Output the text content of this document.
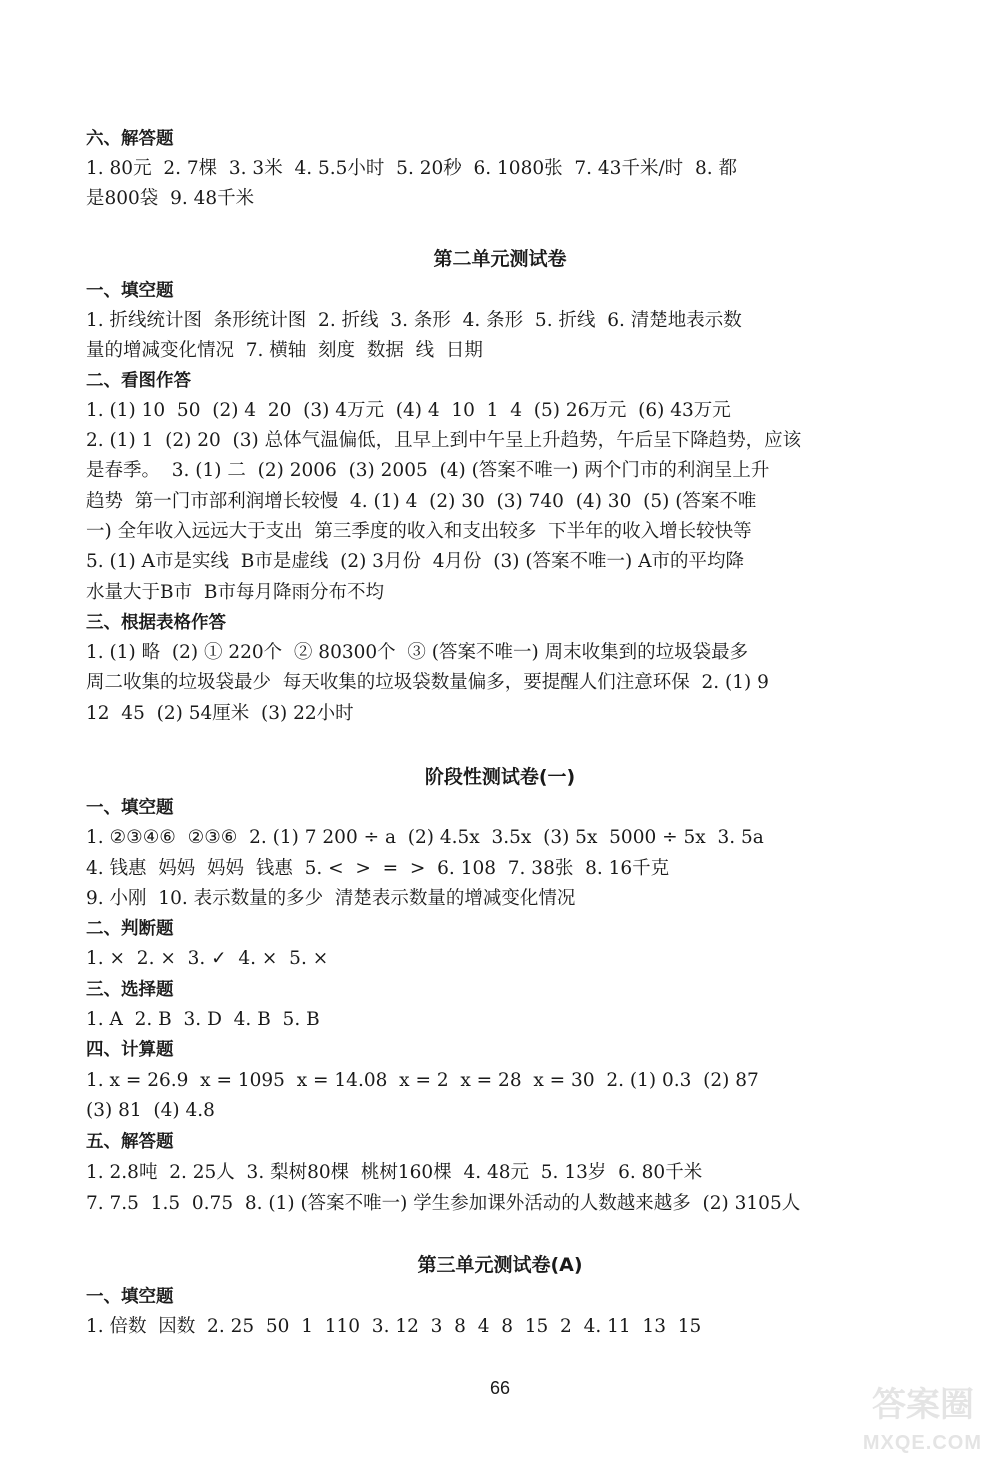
六、解答题
1. 80元  2. 7棵  3. 3米  4. 5.5小时  5. 20秒  6. 1080张  7. 43千米/时  8. 都
是800袋  9. 48千米
第二单元测试卷
一、填空题
1. 折线统计图  条形统计图  2. 折线  3. 条形  4. 条形  5. 折线  6. 清楚地表示数
量的增减变化情况  7. 横轴  刻度  数据  线  日期
二、看图作答
1. (1) 10  50  (2) 4  20  (3) 4万元  (4) 4  10  1  4  (5) 26万元  (6) 43万元
2. (1) 1  (2) 20  (3) 总体气温偏低，且早上到中午呈上升趋势，午后呈下降趋势，应该
是春季。  3. (1) 二  (2) 2006  (3) 2005  (4) (答案不唯一) 两个门市的利润呈上升
趋势  第一门市部利润增长较慢  4. (1) 4  (2) 30  (3) 740  (4) 30  (5) (答案不唯
一) 全年收入远远大于支出  第三季度的收入和支出较多  下半年的收入增长较快等
5. (1) A市是实线  B市是虚线  (2) 3月份  4月份  (3) (答案不唯一) A市的平均降
水量大于B市  B市每月降雨分布不均
三、根据表格作答
1. (1) 略  (2) ① 220个  ② 80300个  ③ (答案不唯一) 周末收集到的垃圾袋最多
周二收集的垃圾袋最少  每天收集的垃圾袋数量偏多，要提醒人们注意环保  2. (1) 9
12  45  (2) 54厘米  (3) 22小时
阶段性测试卷(一)
一、填空题
1. ②③④⑥  ②③⑥  2. (1) 7 200 ÷ a  (2) 4.5x  3.5x  (3) 5x  5000 ÷ 5x  3. 5a
4. 钱惠  妈妈  妈妈  钱惠  5. <  >  =  >  6. 108  7. 38张  8. 16千克
9. 小刚  10. 表示数量的多少  清楚表示数量的增减变化情况
二、判断题
1. ×  2. ×  3. ✓  4. ×  5. ×
三、选择题
1. A  2. B  3. D  4. B  5. B
四、计算题
1. x = 26.9  x = 1095  x = 14.08  x = 2  x = 28  x = 30  2. (1) 0.3  (2) 87
(3) 81  (4) 4.8
五、解答题
1. 2.8吨  2. 25人  3. 梨树80棵  桃树160棵  4. 48元  5. 13岁  6. 80千米
7. 7.5  1.5  0.75  8. (1) (答案不唯一) 学生参加课外活动的人数越来越多  (2) 3105人
第三单元测试卷(A)
一、填空题
1. 倍数  因数  2. 25  50  1  110  3. 12  3  8  4  8  15  2  4. 11  13  15
66	答案圈
MXQE.COM
